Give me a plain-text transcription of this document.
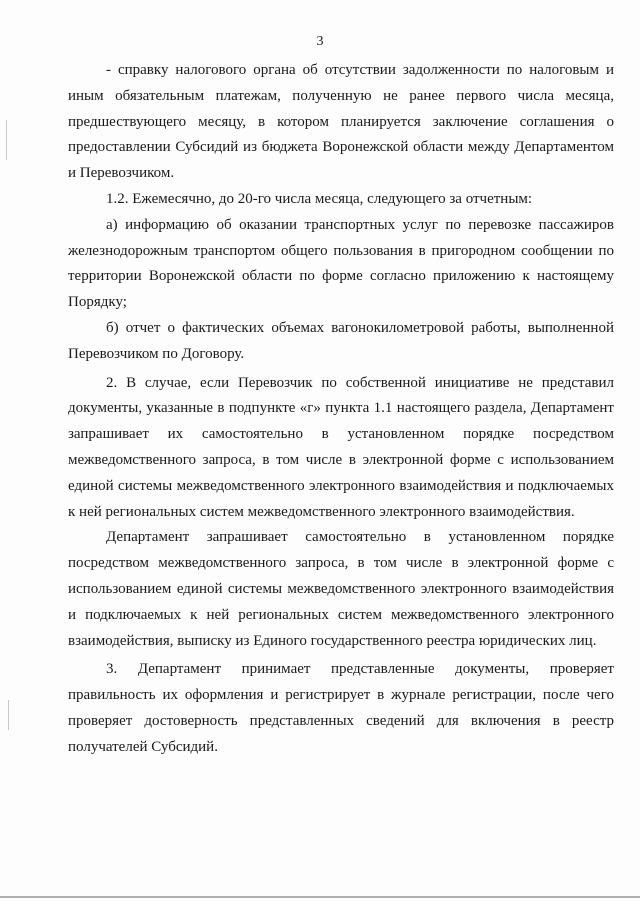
3

- справку налогового органа об отсутствии задолженности по налоговым и иным обязательным платежам, полученную не ранее первого числа месяца, предшествующего месяцу, в котором планируется заключение соглашения о предоставлении Субсидий из бюджета Воронежской области между Департаментом и Перевозчиком.

1.2. Ежемесячно, до 20-го числа месяца, следующего за отчетным:

а) информацию об оказании транспортных услуг по перевозке пассажиров железнодорожным транспортом общего пользования в пригородном сообщении по территории Воронежской области по форме согласно приложению к настоящему Порядку;

б) отчет о фактических объемах вагонокилометровой работы, выполненной Перевозчиком по Договору.

2. В случае, если Перевозчик по собственной инициативе не представил документы, указанные в подпункте «г» пункта 1.1 настоящего раздела, Департамент запрашивает их самостоятельно в установленном порядке посредством межведомственного запроса, в том числе в электронной форме с использованием единой системы межведомственного электронного взаимодействия и подключаемых к ней региональных систем межведомственного электронного взаимодействия.

Департамент запрашивает самостоятельно в установленном порядке посредством межведомственного запроса, в том числе в электронной форме с использованием единой системы межведомственного электронного взаимодействия и подключаемых к ней региональных систем межведомственного электронного взаимодействия, выписку из Единого государственного реестра юридических лиц.

3. Департамент принимает представленные документы, проверяет правильность их оформления и регистрирует в журнале регистрации, после чего проверяет достоверность представленных сведений для включения в реестр получателей Субсидий.
